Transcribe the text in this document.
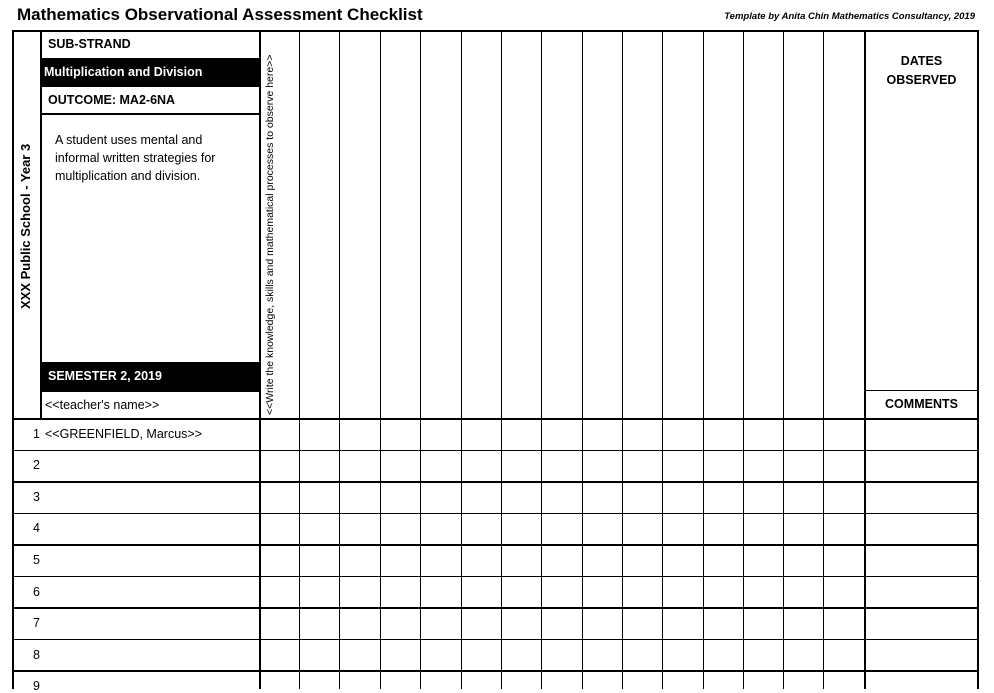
Mathematics Observational Assessment Checklist	Template by Anita Chin Mathematics Consultancy, 2019
XXX Public School - Year 3
SUB-STRAND
Multiplication and Division
OUTCOME: MA2-6NA
A student uses mental and informal written strategies for multiplication and division.
SEMESTER 2, 2019
<<teacher's name>>	<<Write the knowledge, skills and mathematical processes to observe here>>	DATES OBSERVED
COMMENTS
1 <<GREENFIELD, Marcus>>
2
3
4
5
6
7
8
9
